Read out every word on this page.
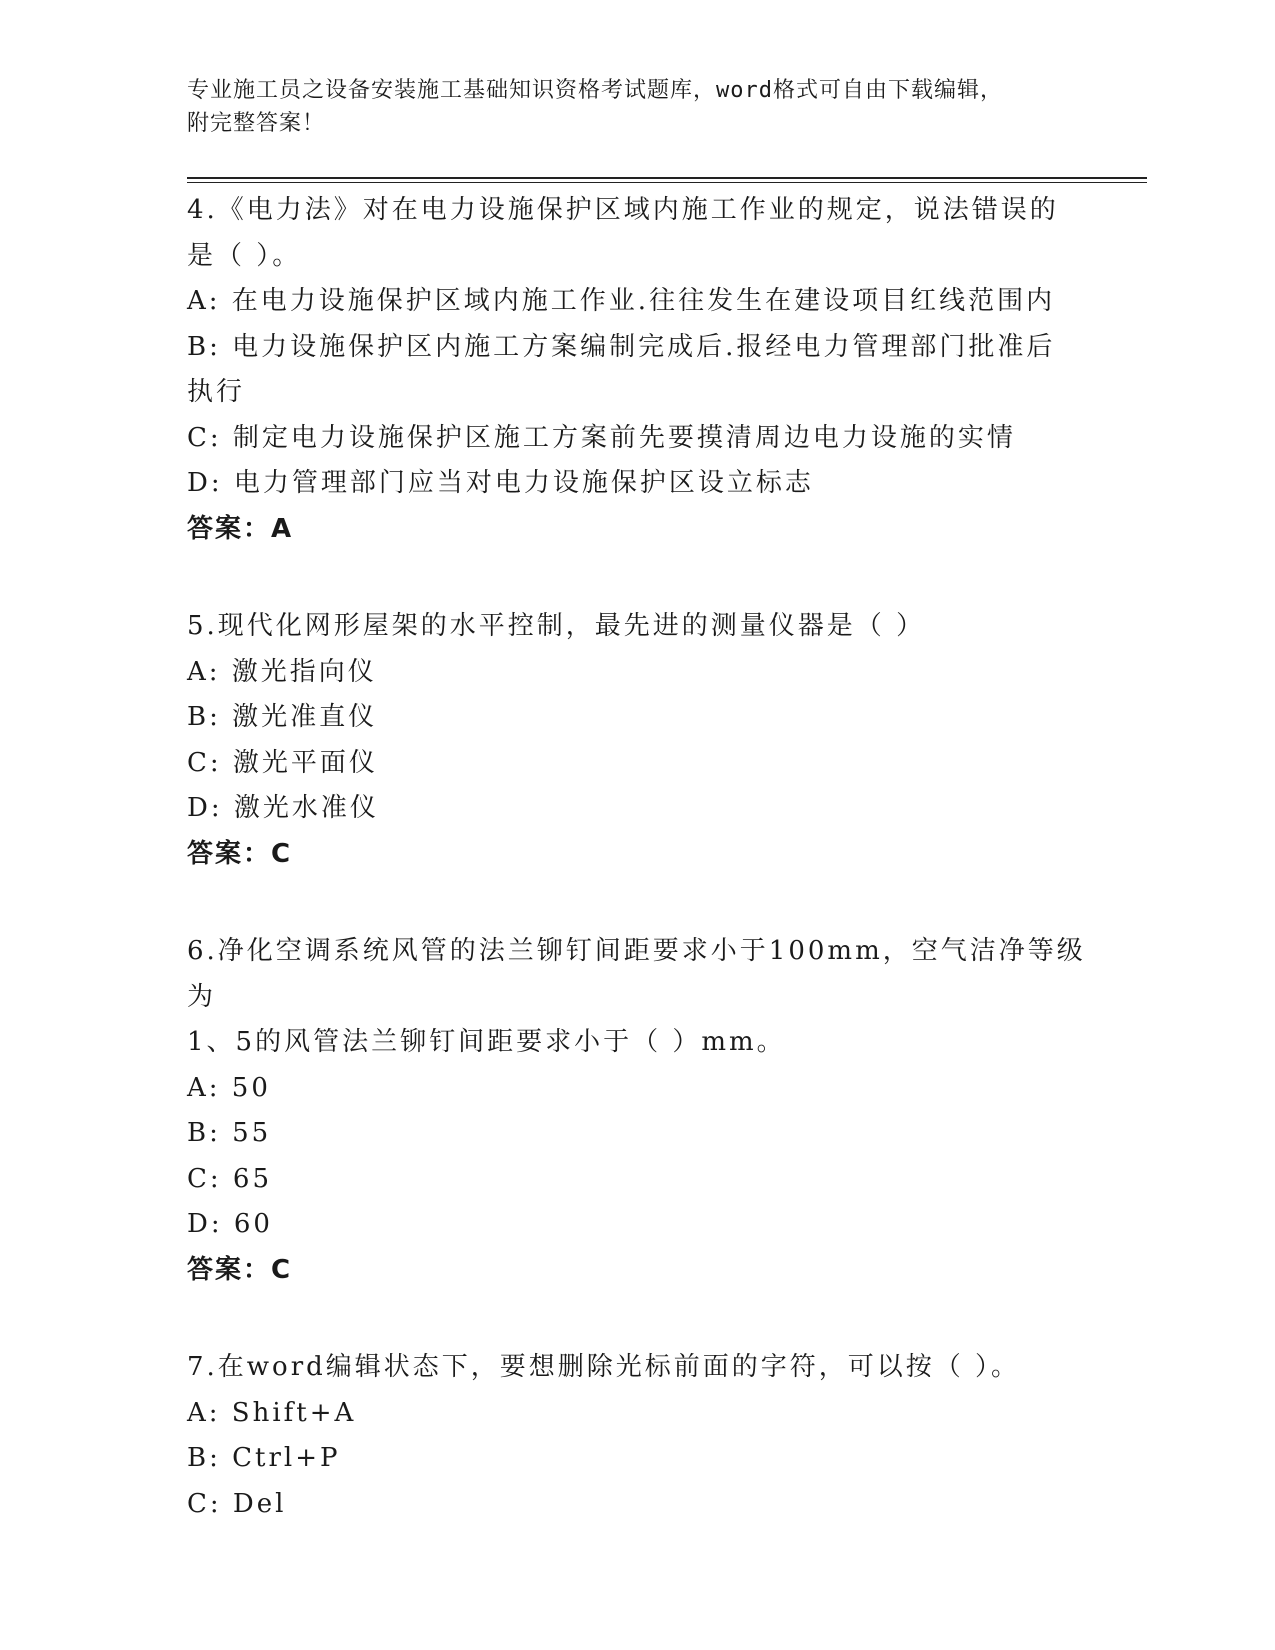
专业施工员之设备安装施工基础知识资格考试题库，word格式可自由下载编辑，
附完整答案！
4.《电力法》对在电力设施保护区域内施工作业的规定，说法错误的
是（ ）。
A: 在电力设施保护区域内施工作业.往往发生在建设项目红线范围内
B: 电力设施保护区内施工方案编制完成后.报经电力管理部门批准后
执行
C: 制定电力设施保护区施工方案前先要摸清周边电力设施的实情
D: 电力管理部门应当对电力设施保护区设立标志
答案：A
5.现代化网形屋架的水平控制，最先进的测量仪器是（ ）
A: 激光指向仪
B: 激光准直仪
C: 激光平面仪
D: 激光水准仪
答案：C
6.净化空调系统风管的法兰铆钉间距要求小于100mm，空气洁净等级为
1、5的风管法兰铆钉间距要求小于（ ）mm。
A: 50
B: 55
C: 65
D: 60
答案：C
7.在word编辑状态下，要想删除光标前面的字符，可以按（ ）。
A: Shift+A
B: Ctrl+P
C: Del
